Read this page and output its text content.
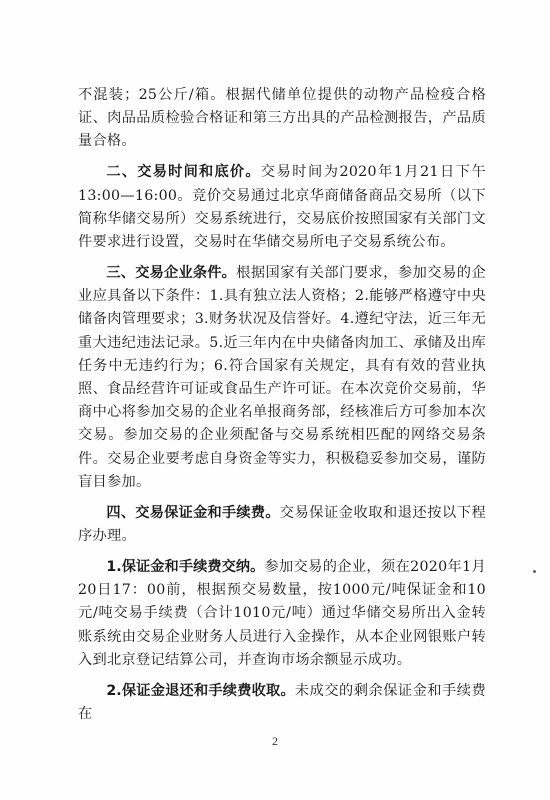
不混装；25公斤/箱。根据代储单位提供的动物产品检疫合格证、肉品品质检验合格证和第三方出具的产品检测报告，产品质量合格。

二、交易时间和底价。交易时间为2020年1月21日下午13:00—16:00。竞价交易通过北京华商储备商品交易所（以下简称华储交易所）交易系统进行，交易底价按照国家有关部门文件要求进行设置，交易时在华储交易所电子交易系统公布。

三、交易企业条件。根据国家有关部门要求，参加交易的企业应具备以下条件：1.具有独立法人资格；2.能够严格遵守中央储备肉管理要求；3.财务状况及信誉好。4.遵纪守法，近三年无重大违纪违法记录。5.近三年内在中央储备肉加工、承储及出库任务中无违约行为；6.符合国家有关规定，具有有效的营业执照、食品经营许可证或食品生产许可证。在本次竞价交易前，华商中心将参加交易的企业名单报商务部，经核准后方可参加本次交易。参加交易的企业须配备与交易系统相匹配的网络交易条件。交易企业要考虑自身资金等实力，积极稳妥参加交易，谨防盲目参加。

四、交易保证金和手续费。交易保证金收取和退还按以下程序办理。

1.保证金和手续费交纳。参加交易的企业，须在2020年1月20日17：00前，根据预交易数量，按1000元/吨保证金和10元/吨交易手续费（合计1010元/吨）通过华储交易所出入金转账系统由交易企业财务人员进行入金操作，从本企业网银账户转入到北京登记结算公司，并查询市场余额显示成功。

2.保证金退还和手续费收取。未成交的剩余保证金和手续费在

2
